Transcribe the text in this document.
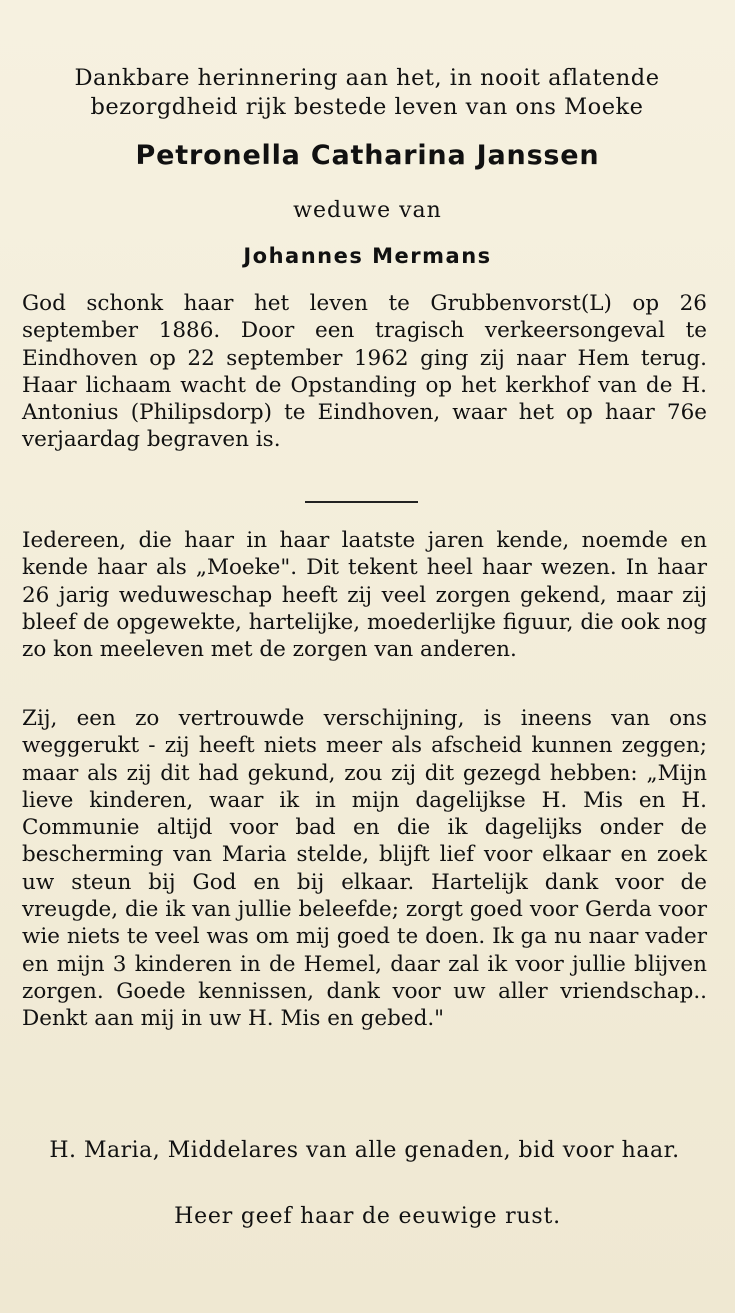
Dankbare herinnering aan het, in nooit aflatende bezorgdheid rijk bestede leven van ons Moeke
Petronella Catharina Janssen
weduwe van
Johannes Mermans
God schonk haar het leven te Grubbenvorst(L) op 26 september 1886. Door een tragisch verkeersongeval te Eindhoven op 22 september 1962 ging zij naar Hem terug. Haar lichaam wacht de Opstanding op het kerkhof van de H. Antonius (Philipsdorp) te Eindhoven, waar het op haar 76e verjaardag begraven is.
Iedereen, die haar in haar laatste jaren kende, noemde en kende haar als „Moeke". Dit tekent heel haar wezen. In haar 26 jarig weduweschap heeft zij veel zorgen gekend, maar zij bleef de opgewekte, hartelijke, moederlijke figuur, die ook nog zo kon meeleven met de zorgen van anderen.
Zij, een zo vertrouwde verschijning, is ineens van ons weggerukt - zij heeft niets meer als afscheid kunnen zeggen; maar als zij dit had gekund, zou zij dit gezegd hebben: „Mijn lieve kinderen, waar ik in mijn dagelijkse H. Mis en H. Communie altijd voor bad en die ik dagelijks onder de bescherming van Maria stelde, blijft lief voor elkaar en zoek uw steun bij God en bij elkaar. Hartelijk dank voor de vreugde, die ik van jullie beleefde; zorgt goed voor Gerda voor wie niets te veel was om mij goed te doen. Ik ga nu naar vader en mijn 3 kinderen in de Hemel, daar zal ik voor jullie blijven zorgen. Goede kennissen, dank voor uw aller vriendschap.. Denkt aan mij in uw H. Mis en gebed."
H. Maria, Middelares van alle genaden, bid voor haar.
Heer geef haar de eeuwige rust.
